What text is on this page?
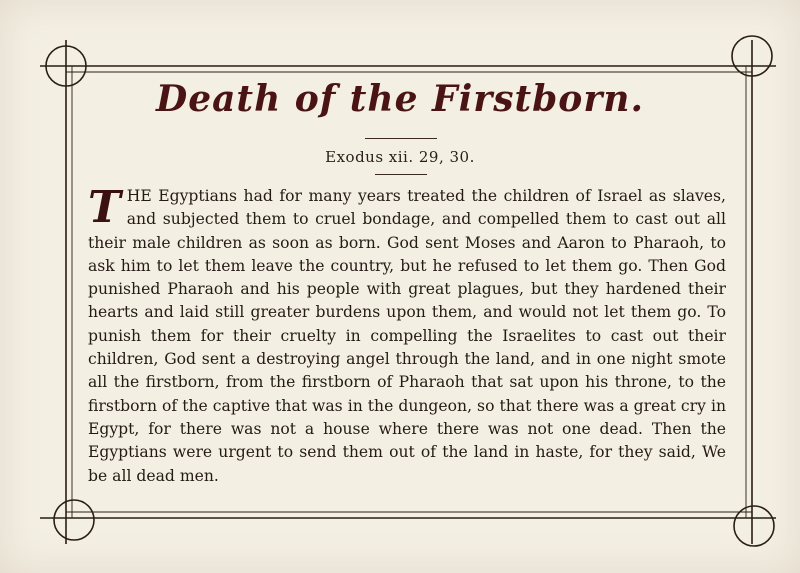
Death of the Firstborn.
Exodus xii. 29, 30.
THE Egyptians had for many years treated the children of Israel as slaves, and subjected them to cruel bondage, and compelled them to cast out all their male children as soon as born. God sent Moses and Aaron to Pharaoh, to ask him to let them leave the country, but he refused to let them go. Then God punished Pharaoh and his people with great plagues, but they hardened their hearts and laid still greater burdens upon them, and would not let them go. To punish them for their cruelty in compelling the Israelites to cast out their children, God sent a destroying angel through the land, and in one night smote all the firstborn, from the firstborn of Pharaoh that sat upon his throne, to the firstborn of the captive that was in the dungeon, so that there was a great cry in Egypt, for there was not a house where there was not one dead. Then the Egyptians were urgent to send them out of the land in haste, for they said, We be all dead men.
